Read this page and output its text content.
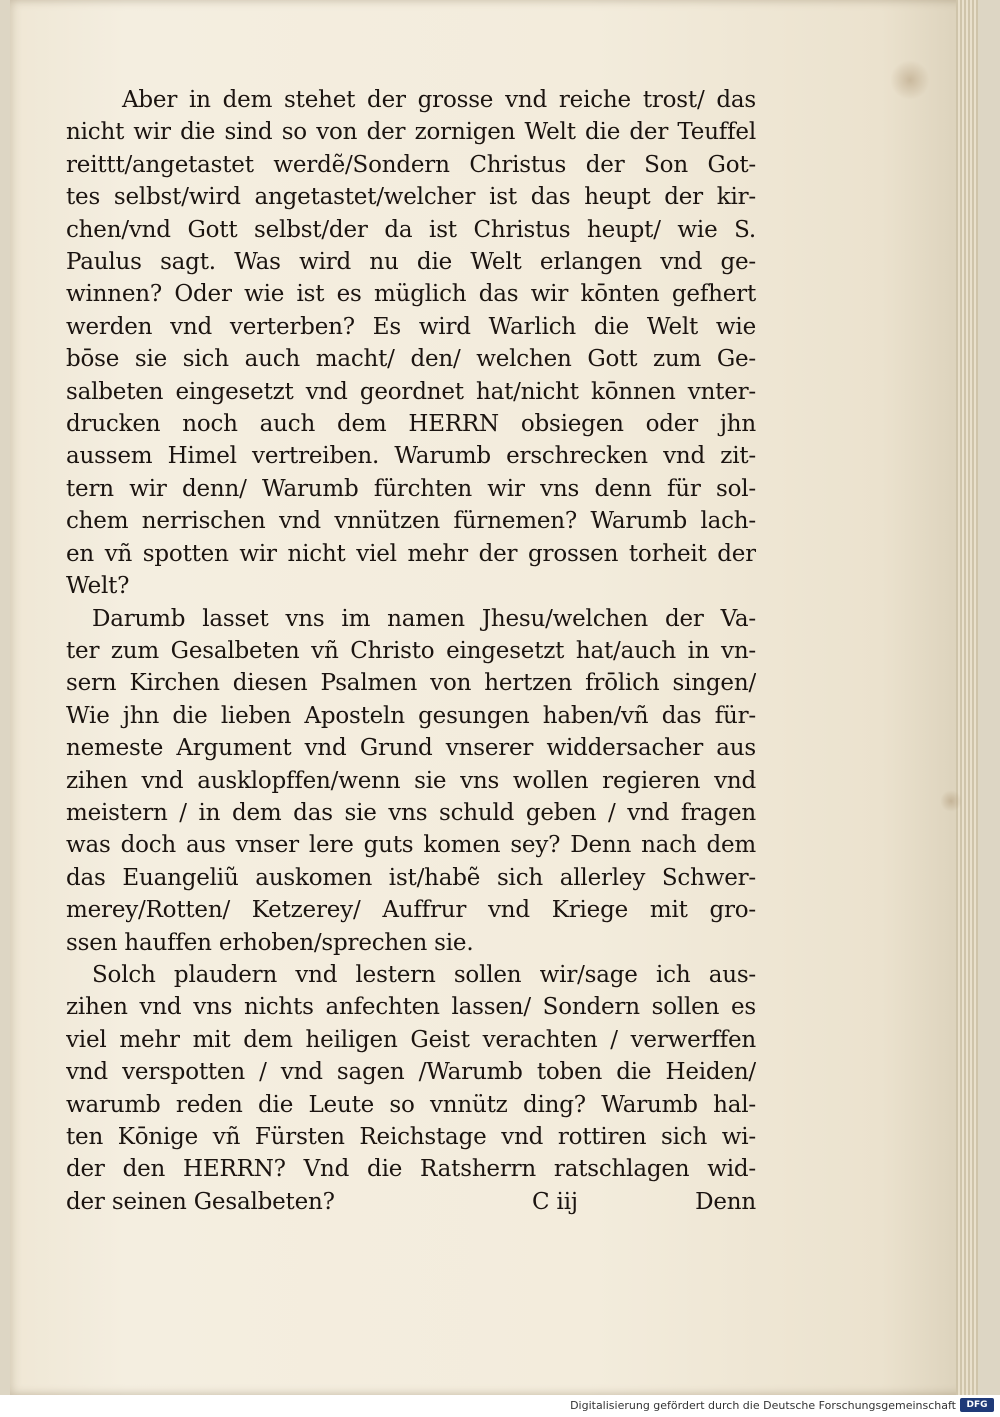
Aber in dem stehet der grosse vnd reiche trost/ das
nicht wir die sind so von der zornigen Welt die der Teuffel
reittt/angetastet werdẽ/Sondern Christus der Son Got-
tes selbst/wird angetastet/welcher ist das heupt der kir-
chen/vnd Gott selbst/der da ist Christus heupt/ wie S.
Paulus sagt. Was wird nu die Welt erlangen vnd ge-
winnen? Oder wie ist es müglich das wir kōnten gefhert
werden vnd verterben? Es wird Warlich die Welt wie
bōse sie sich auch macht/ den/ welchen Gott zum Ge-
salbeten eingesetzt vnd geordnet hat/nicht kōnnen vnter-
drucken noch auch dem HERRN obsiegen oder jhn
aussem Himel vertreiben. Warumb erschrecken vnd zit-
tern wir denn/ Warumb fürchten wir vns denn für sol-
chem nerrischen vnd vnnützen fürnemen? Warumb lach-
en vñ spotten wir nicht viel mehr der grossen torheit der
Welt?
Darumb lasset vns im namen Jhesu/welchen der Va-
ter zum Gesalbeten vñ Christo eingesetzt hat/auch in vn-
sern Kirchen diesen Psalmen von hertzen frōlich singen/
Wie jhn die lieben Aposteln gesungen haben/vñ das für-
nemeste Argument vnd Grund vnserer widdersacher aus
zihen vnd ausklopffen/wenn sie vns wollen regieren vnd
meistern / in dem das sie vns schuld geben / vnd fragen
was doch aus vnser lere guts komen sey? Denn nach dem
das Euangeliũ auskomen ist/habẽ sich allerley Schwer-
merey/Rotten/ Ketzerey/ Auffrur vnd Kriege mit gro-
ssen hauffen erhoben/sprechen sie.
Solch plaudern vnd lestern sollen wir/sage ich aus-
zihen vnd vns nichts anfechten lassen/ Sondern sollen es
viel mehr mit dem heiligen Geist verachten / verwerffen
vnd verspotten / vnd sagen /Warumb toben die Heiden/
warumb reden die Leute so vnnütz ding? Warumb hal-
ten Kōnige vñ Fürsten Reichstage vnd rottiren sich wi-
der den HERRN? Vnd die Ratsherrn ratschlagen wid-
der seinen Gesalbeten?	C iij	Denn
Digitalisierung gefördert durch die Deutsche Forschungsgemeinschaft	DFG
